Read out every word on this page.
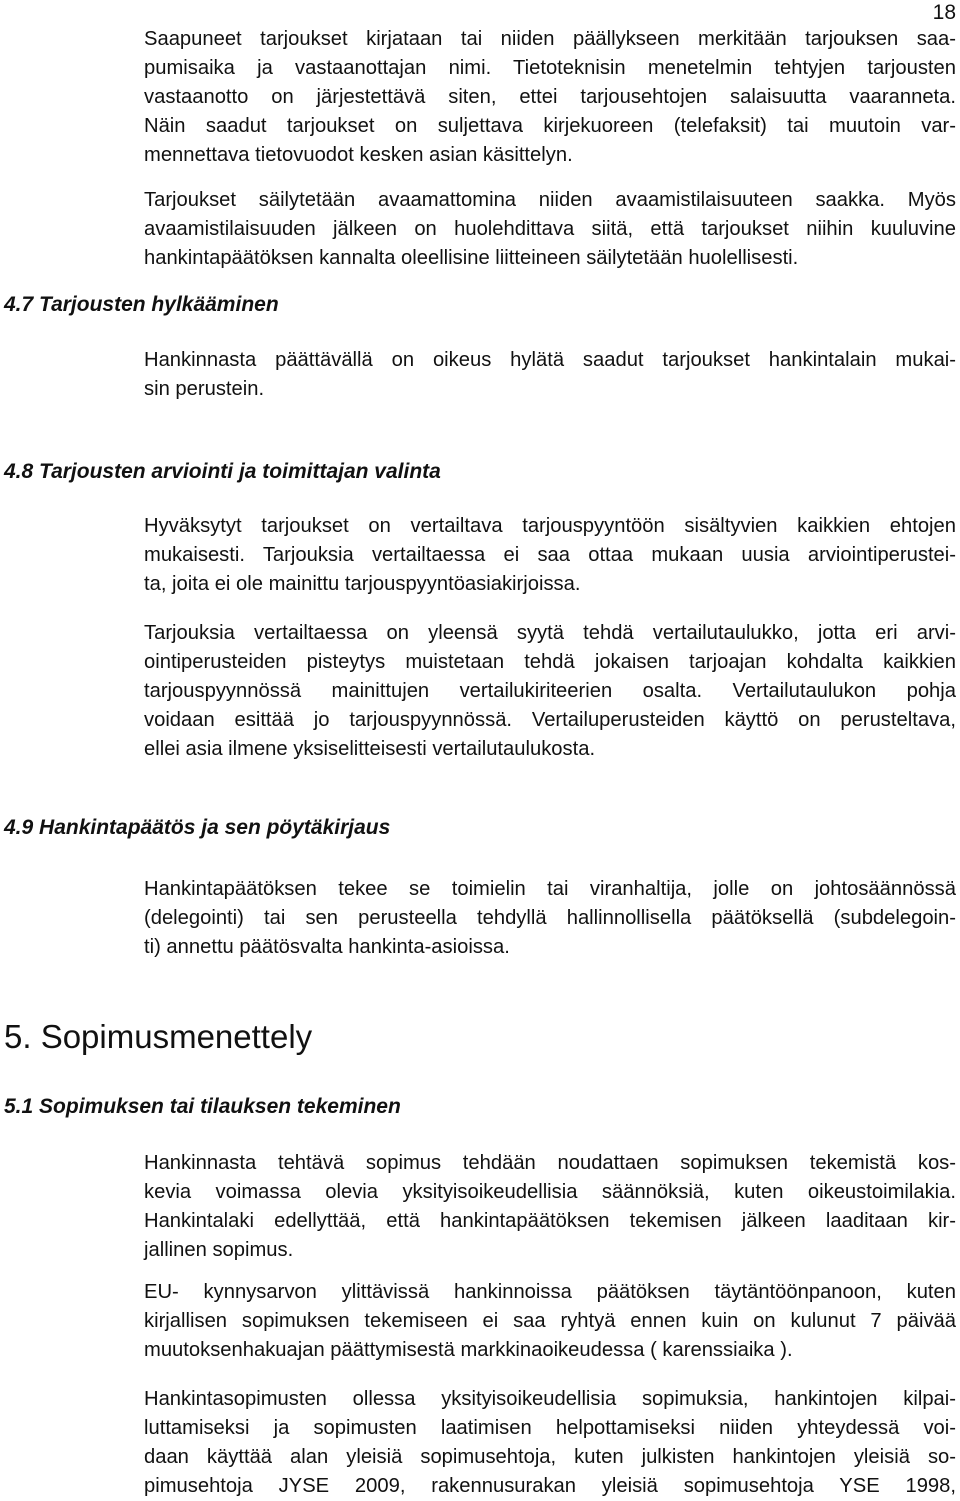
18

Saapuneet tarjoukset kirjataan tai niiden päällykseen merkitään tarjouksen saa-
pumisaika ja vastaanottajan nimi. Tietoteknisin menetelmin tehtyjen tarjousten
vastaanotto on järjestettävä siten, ettei tarjousehtojen salaisuutta vaaranneta.
Näin saadut tarjoukset on suljettava kirjekuoreen (telefaksit) tai muutoin var-
mennettava tietovuodot kesken asian käsittelyn.

Tarjoukset säilytetään avaamattomina niiden avaamistilaisuuteen saakka. Myös
avaamistilaisuuden jälkeen on huolehdittava siitä, että tarjoukset niihin kuuluvine
hankintapäätöksen kannalta oleellisine liitteineen säilytetään huolellisesti.

4.7 Tarjousten hylkääminen

Hankinnasta päättävällä on oikeus hylätä saadut tarjoukset hankintalain mukai-
sin perustein.

4.8 Tarjousten arviointi ja toimittajan valinta

Hyväksytyt tarjoukset on vertailtava tarjouspyyntöön sisältyvien kaikkien ehtojen
mukaisesti. Tarjouksia vertailtaessa ei saa ottaa mukaan uusia arviointiperustei-
ta, joita ei ole mainittu tarjouspyyntöasiakirjoissa.

Tarjouksia vertailtaessa on yleensä syytä tehdä vertailutaulukko, jotta eri arvi-
ointiperusteiden pisteytys muistetaan tehdä jokaisen tarjoajan kohdalta kaikkien
tarjouspyynnössä mainittujen vertailukiriteerien osalta. Vertailutaulukon pohja
voidaan esittää jo tarjouspyynnössä. Vertailuperusteiden käyttö on perusteltava,
ellei asia ilmene yksiselitteisesti vertailutaulukosta.

4.9 Hankintapäätös ja sen pöytäkirjaus

Hankintapäätöksen tekee se toimielin tai viranhaltija, jolle on johtosäännössä
(delegointi) tai sen perusteella tehdyllä hallinnollisella päätöksellä (subdelegoin-
ti) annettu päätösvalta hankinta-asioissa.

5. Sopimusmenettely
5.1 Sopimuksen tai tilauksen tekeminen

Hankinnasta tehtävä sopimus tehdään noudattaen sopimuksen tekemistä kos-
kevia voimassa olevia yksityisoikeudellisia säännöksiä, kuten oikeustoimilakia.
Hankintalaki edellyttää, että hankintapäätöksen tekemisen jälkeen laaditaan kir-
jallinen sopimus.

EU- kynnysarvon ylittävissä hankinnoissa päätöksen täytäntöönpanoon, kuten
kirjallisen sopimuksen tekemiseen ei saa ryhtyä ennen kuin on kulunut 7 päivää
muutoksenhakuajan päättymisestä markkinaoikeudessa ( karenssiaika ).

Hankintasopimusten ollessa yksityisoikeudellisia sopimuksia, hankintojen kilpai-
luttamiseksi ja sopimusten laatimisen helpottamiseksi niiden yhteydessä voi-
daan käyttää alan yleisiä sopimusehtoja, kuten julkisten hankintojen yleisiä so-
pimusehtoja JYSE 2009, rakennusurakan yleisiä sopimusehtoja YSE 1998,
